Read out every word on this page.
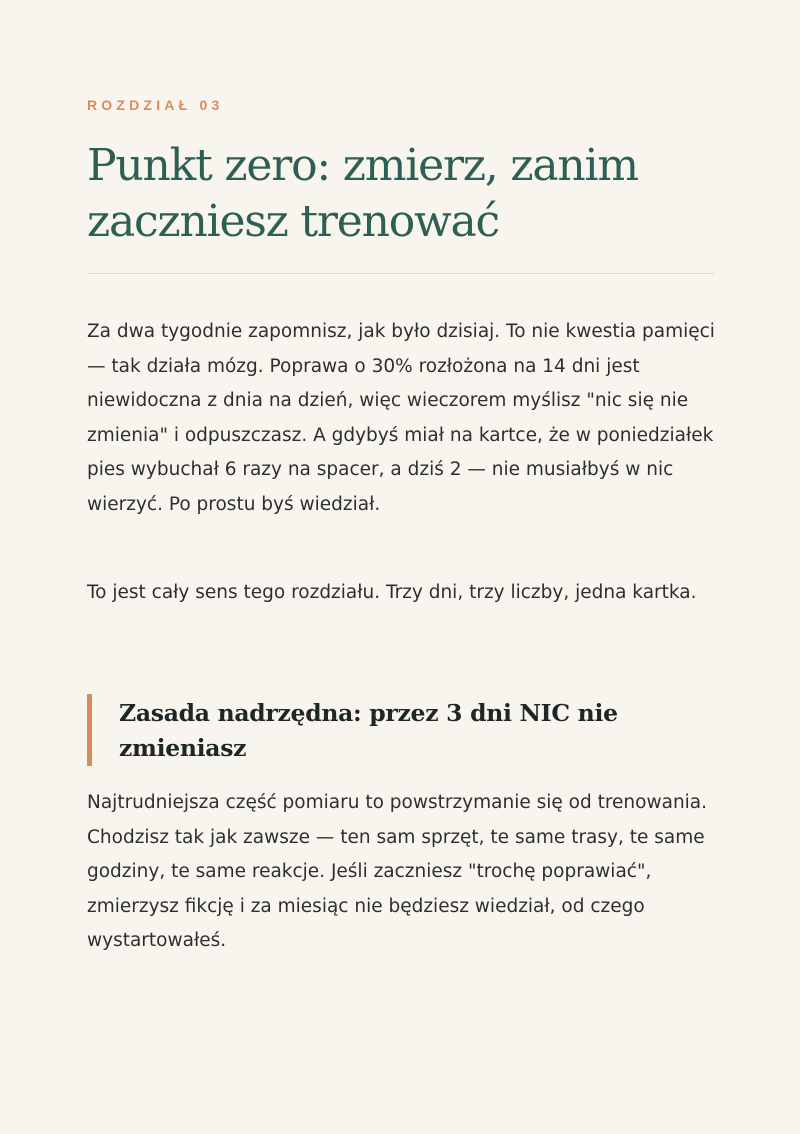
ROZDZIAŁ 03

Punkt zero: zmierz, zanim zacznie​sz trenować

Za dwa tygodnie zapomnisz, jak było dzisiaj. To nie kwestia pamięci — tak działa mózg. Poprawa o 30% rozłożona na 14 dni jest niewidoczna z dnia na dzień, więc wieczorem myślisz "nic się nie zmienia" i odpuszczasz. A gdybyś miał na kartce, że w poniedziałek pies wybuchał 6 razy na spacer, a dziś 2 — nie musiałbyś w nic wierzyć. Po prostu byś wiedział.

To jest cały sens tego rozdziału. Trzy dni, trzy liczby, jedna kartka.

Zasada nadrzędna: przez 3 dni NIC nie zmieniasz

Najtrudniejsza część pomiaru to powstrzymanie się od trenowania. Chodzisz tak jak zawsze — ten sam sprzęt, te same trasy, te same godziny, te same reakcje. Jeśli zaczniesz "trochę poprawiać", zmierzysz fikcję i za miesiąc nie będziesz wiedział, od czego wystartowałeś.
